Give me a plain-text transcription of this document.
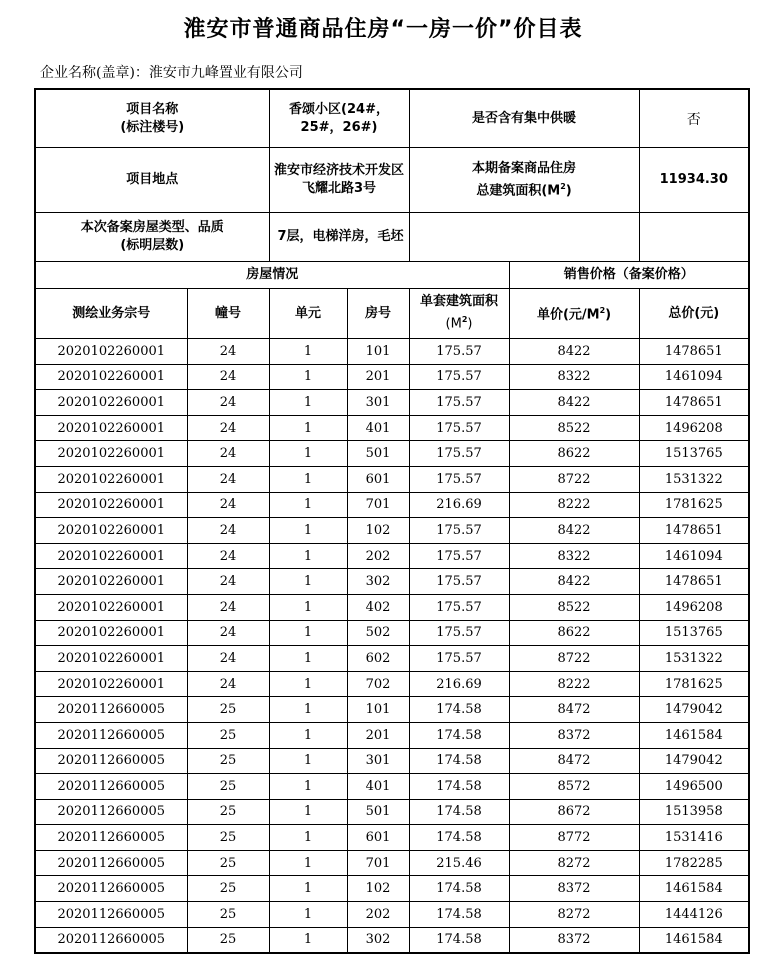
淮安市普通商品住房“一房一价”价目表
企业名称(盖章)：淮安市九峰置业有限公司
项目名称
(标注楼号)		香颂小区(24#，25#，26#)		是否含有集中供暖		否
项目地点		淮安市经济技术开发区飞耀北路3号		本期备案商品住房
总建筑面积$(M^2)$		11934.30
本次备案房屋类型、品质
(标明层数)		7层，电梯洋房，毛坯				
房屋情况					销售价格（备案价格）	
测绘业务宗号	幢号	单元	房号	单套建筑面积
$(M^2)$	单价(元$/M^2$)	总价(元)
2020102260001	24	1	101	175.57	8422	1478651
2020102260001	24	1	201	175.57	8322	1461094
2020102260001	24	1	301	175.57	8422	1478651
2020102260001	24	1	401	175.57	8522	1496208
2020102260001	24	1	501	175.57	8622	1513765
2020102260001	24	1	601	175.57	8722	1531322
2020102260001	24	1	701	216.69	8222	1781625
2020102260001	24	1	102	175.57	8422	1478651
2020102260001	24	1	202	175.57	8322	1461094
2020102260001	24	1	302	175.57	8422	1478651
2020102260001	24	1	402	175.57	8522	1496208
2020102260001	24	1	502	175.57	8622	1513765
2020102260001	24	1	602	175.57	8722	1531322
2020102260001	24	1	702	216.69	8222	1781625
2020112660005	25	1	101	174.58	8472	1479042
2020112660005	25	1	201	174.58	8372	1461584
2020112660005	25	1	301	174.58	8472	1479042
2020112660005	25	1	401	174.58	8572	1496500
2020112660005	25	1	501	174.58	8672	1513958
2020112660005	25	1	601	174.58	8772	1531416
2020112660005	25	1	701	215.46	8272	1782285
2020112660005	25	1	102	174.58	8372	1461584
2020112660005	25	1	202	174.58	8272	1444126
2020112660005	25	1	302	174.58	8372	1461584
